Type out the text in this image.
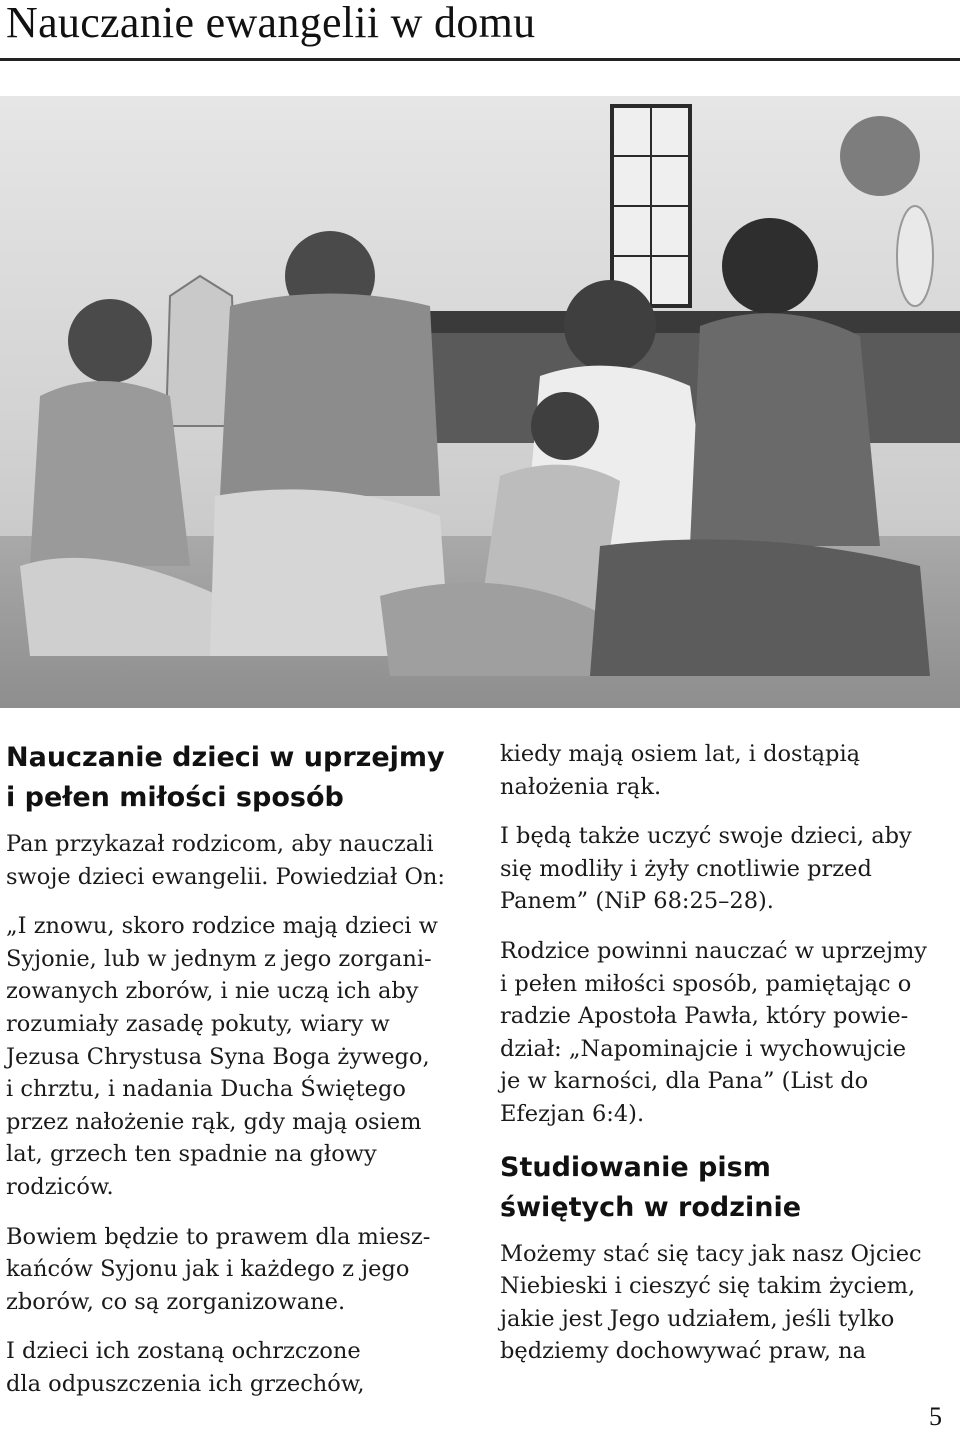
Nauczanie ewangelii w domu
Nauczanie dzieci w uprzejmy
i pełen miłości sposób

Pan przykazał rodzicom, aby nauczali
swoje dzieci ewangelii. Powiedział On:

„I znowu, skoro rodzice mają dzieci w
Syjonie, lub w jednym z jego zorgani-
zowanych zborów, i nie uczą ich aby
rozumiały zasadę pokuty, wiary w
Jezusa Chrystusa Syna Boga żywego,
i chrztu, i nadania Ducha Świętego
przez nałożenie rąk, gdy mają osiem
lat, grzech ten spadnie na głowy
rodziców.

Bowiem będzie to prawem dla miesz-
kańców Syjonu jak i każdego z jego
zborów, co są zorganizowane.

I dzieci ich zostaną ochrzczone
dla odpuszczenia ich grzechów,

kiedy mają osiem lat, i dostąpią
nałożenia rąk.

I będą także uczyć swoje dzieci, aby
się modliły i żyły cnotliwie przed
Panem” (NiP 68:25–28).

Rodzice powinni nauczać w uprzejmy
i pełen miłości sposób, pamiętając o
radzie Apostoła Pawła, który powie-
dział: „Napominajcie i wychowujcie
je w karności, dla Pana” (List do
Efezjan 6:4).

Studiowanie pism
świętych w rodzinie

Możemy stać się tacy jak nasz Ojciec
Niebieski i cieszyć się takim życiem,
jakie jest Jego udziałem, jeśli tylko
będziemy dochowywać praw, na

5
